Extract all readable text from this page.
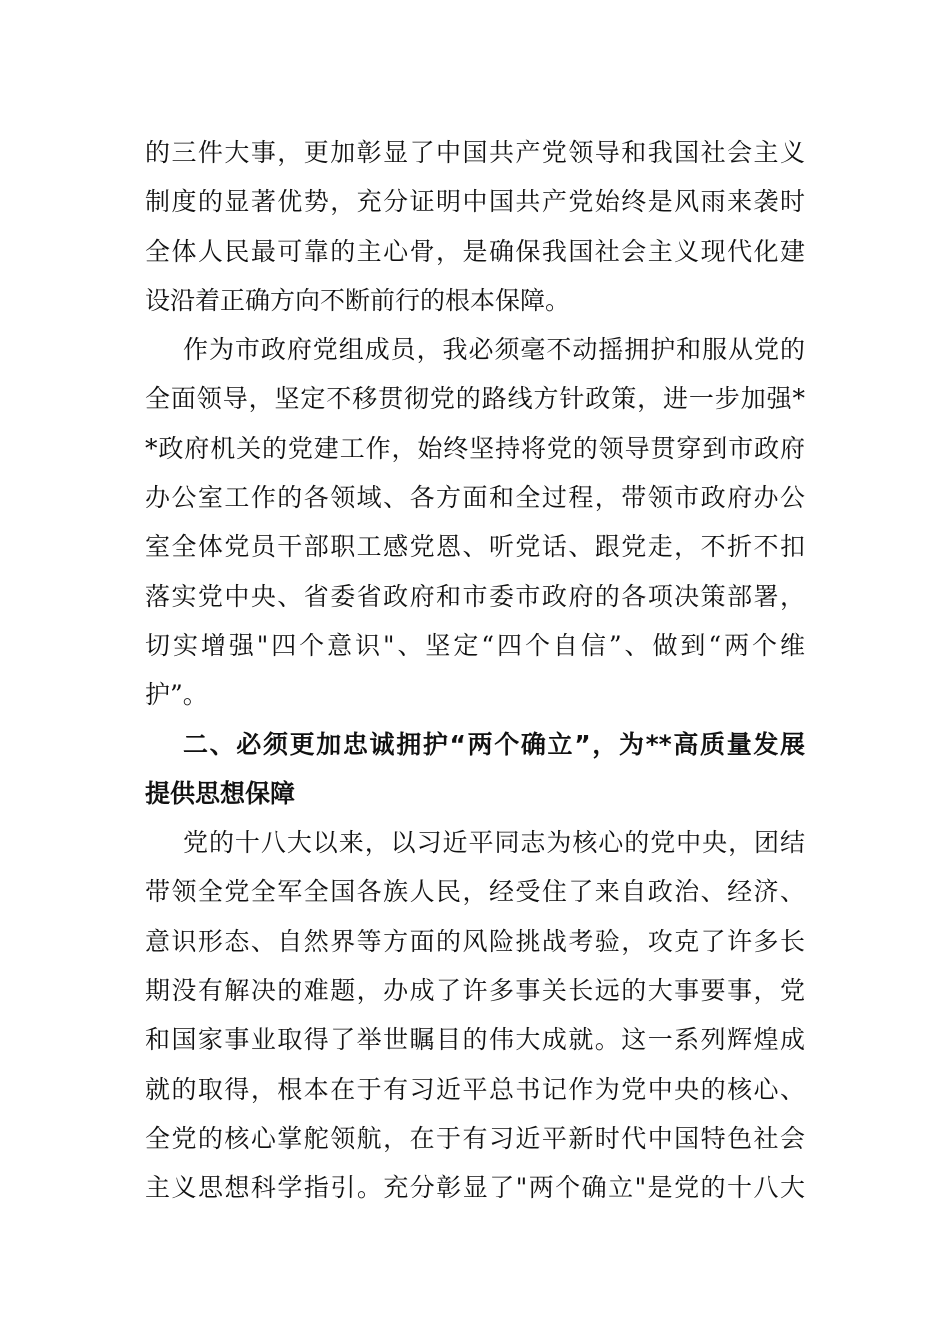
的三件大事，更加彰显了中国共产党领导和我国社会主义
制度的显著优势，充分证明中国共产党始终是风雨来袭时
全体人民最可靠的主心骨，是确保我国社会主义现代化建
设沿着正确方向不断前行的根本保障。
作为市政府党组成员，我必须毫不动摇拥护和服从党的
全面领导，坚定不移贯彻党的路线方针政策，进一步加强*
*政府机关的党建工作，始终坚持将党的领导贯穿到市政府
办公室工作的各领域、各方面和全过程，带领市政府办公
室全体党员干部职工感党恩、听党话、跟党走，不折不扣
落实党中央、省委省政府和市委市政府的各项决策部署，
切实增强"四个意识"、坚定“四个自信”、做到“两个维
护”。
二、必须更加忠诚拥护“两个确立”，为**高质量发展
提供思想保障
党的十八大以来，以习近平同志为核心的党中央，团结
带领全党全军全国各族人民，经受住了来自政治、经济、
意识形态、自然界等方面的风险挑战考验，攻克了许多长
期没有解决的难题，办成了许多事关长远的大事要事，党
和国家事业取得了举世瞩目的伟大成就。这一系列辉煌成
就的取得，根本在于有习近平总书记作为党中央的核心、
全党的核心掌舵领航，在于有习近平新时代中国特色社会
主义思想科学指引。充分彰显了"两个确立"是党的十八大
